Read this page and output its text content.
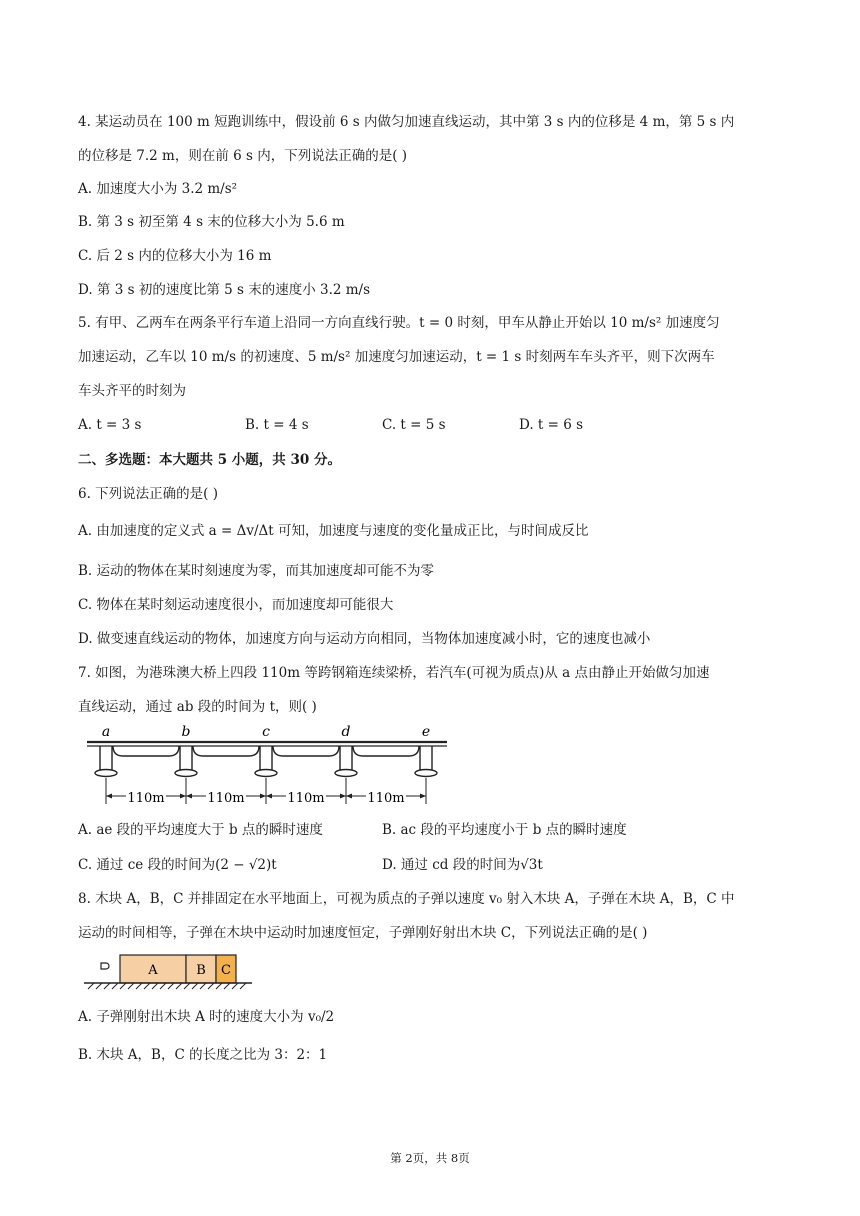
4. 某运动员在 100 m 短跑训练中，假设前 6 s 内做匀加速直线运动，其中第 3 s 内的位移是 4 m，第 5 s 内
的位移是 7.2 m，则在前 6 s 内，下列说法正确的是( )
A. 加速度大小为 3.2 m/s²
B. 第 3 s 初至第 4 s 末的位移大小为 5.6 m
C. 后 2 s 内的位移大小为 16 m
D. 第 3 s 初的速度比第 5 s 末的速度小 3.2 m/s
5. 有甲、乙两车在两条平行车道上沿同一方向直线行驶。t = 0 时刻，甲车从静止开始以 10 m/s² 加速度匀
加速运动，乙车以 10 m/s 的初速度、5 m/s² 加速度匀加速运动，t = 1 s 时刻两车车头齐平，则下次两车
车头齐平的时刻为
A. t = 3 s	B. t = 4 s	C. t = 5 s	D. t = 6 s
二、多选题：本大题共 5 小题，共 30 分。
6. 下列说法正确的是( )
A. 由加速度的定义式 a = Δv/Δt 可知，加速度与速度的变化量成正比，与时间成反比
B. 运动的物体在某时刻速度为零，而其加速度却可能不为零
C. 物体在某时刻运动速度很小，而加速度却可能很大
D. 做变速直线运动的物体，加速度方向与运动方向相同，当物体加速度减小时，它的速度也减小
7. 如图，为港珠澳大桥上四段 110m 等跨钢箱连续梁桥，若汽车(可视为质点)从 a 点由静止开始做匀加速
直线运动，通过 ab 段的时间为 t，则( )
a	b	c	d	e
110m	110m	110m	110m
A. ae 段的平均速度大于 b 点的瞬时速度	B. ac 段的平均速度小于 b 点的瞬时速度
C. 通过 ce 段的时间为(2 − √2)t	D. 通过 cd 段的时间为√3t
8. 木块 A，B，C 并排固定在水平地面上，可视为质点的子弹以速度 v₀ 射入木块 A，子弹在木块 A，B，C 中
运动的时间相等，子弹在木块中运动时加速度恒定，子弹刚好射出木块 C，下列说法正确的是( )
A	B C
A. 子弹刚射出木块 A 时的速度大小为 v₀/2
B. 木块 A，B，C 的长度之比为 3：2：1
第 2页，共 8页
